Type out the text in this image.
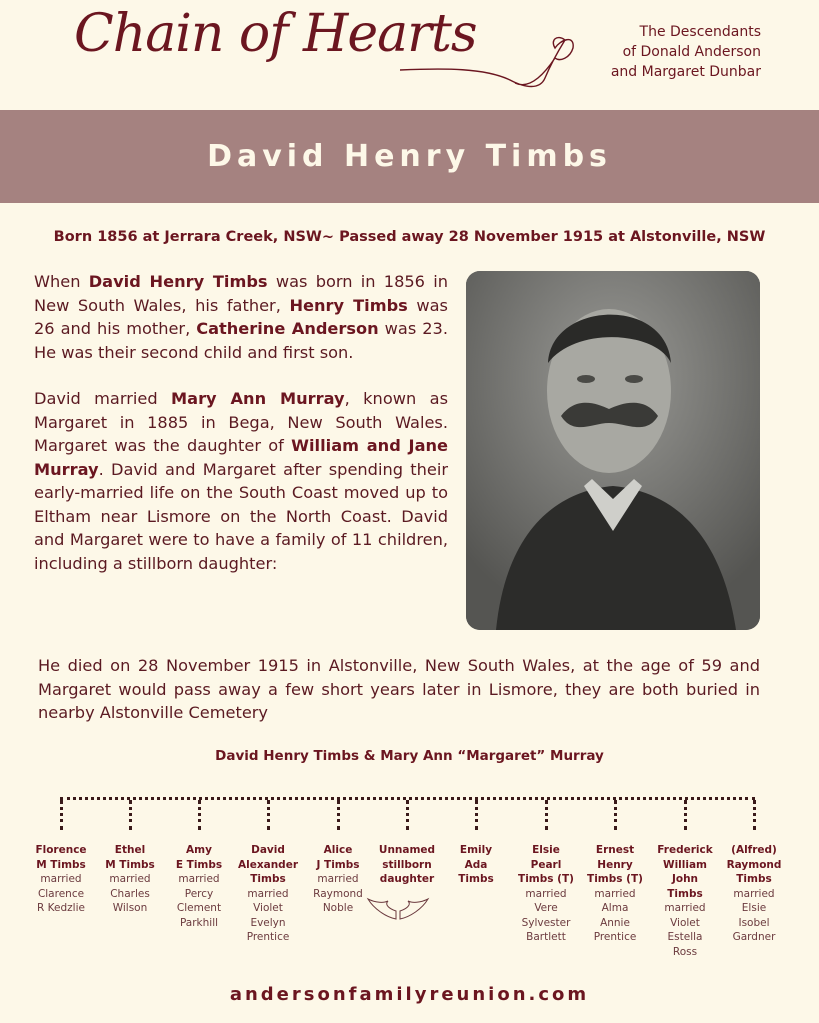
Chain of Hearts	The Descendants
of Donald Anderson
and Margaret Dunbar
David Henry Timbs
Born 1856 at Jerrara Creek, NSW~ Passed away 28 November 1915 at Alstonville, NSW

When David Henry Timbs was born in 1856 in New South Wales, his father, Henry Timbs was 26 and his mother, Catherine Anderson was 23. He was their second child and first son.

David married Mary Ann Murray, known as Margaret in 1885 in Bega, New South Wales. Margaret was the daughter of William and Jane Murray. David and Margaret after spending their early-married life on the South Coast moved up to Eltham near Lismore on the North Coast. David and Margaret were to have a family of 11 children, including a stillborn daughter:

He died on 28 November 1915 in Alstonville, New South Wales, at the age of 59 and Margaret would pass away a few short years later in Lismore, they are both buried in nearby Alstonville Cemetery
David Henry Timbs & Mary Ann “Margaret” Murray
Florence
M Timbs
married
Clarence
R Kedzlie
Ethel
M Timbs
married
Charles
Wilson
Amy
E Timbs
married
Percy
Clement
Parkhill
David
Alexander
Timbs
married
Violet
Evelyn
Prentice
Alice
J Timbs
married
Raymond
Noble
Unnamed
stillborn
daughter
Emily
Ada
Timbs
Elsie
Pearl
Timbs (T)
married
Vere
Sylvester
Bartlett
Ernest
Henry
Timbs (T)
married
Alma
Annie
Prentice
Frederick
William
John
Timbs
married
Violet
Estella
Ross
(Alfred)
Raymond
Timbs
married
Elsie
Isobel
Gardner
andersonfamilyreunion.com
